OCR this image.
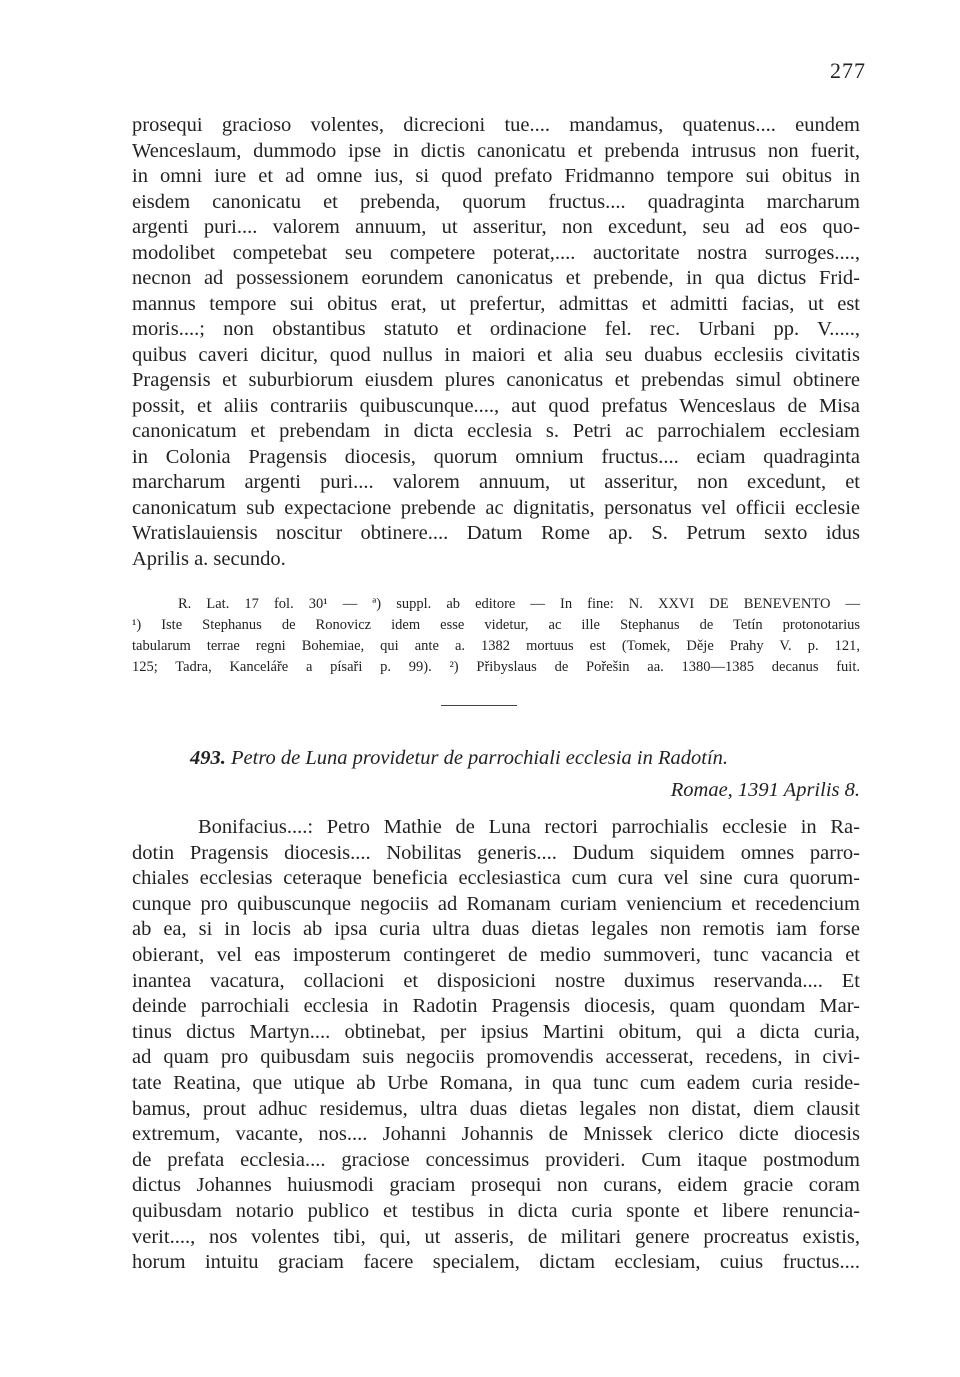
277
prosequi gracioso volentes, dicrecioni tue.... mandamus, quatenus.... eundem
Wenceslaum, dummodo ipse in dictis canonicatu et prebenda intrusus non fuerit,
in omni iure et ad omne ius, si quod prefato Fridmanno tempore sui obitus in
eisdem canonicatu et prebenda, quorum fructus.... quadraginta marcharum
argenti puri.... valorem annuum, ut asseritur, non excedunt, seu ad eos quo-
modolibet competebat seu competere poterat,.... auctoritate nostra surroges....,
necnon ad possessionem eorundem canonicatus et prebende, in qua dictus Frid-
mannus tempore sui obitus erat, ut prefertur, admittas et admitti facias, ut est
moris....; non obstantibus statuto et ordinacione fel. rec. Urbani pp. V.....,
quibus caveri dicitur, quod nullus in maiori et alia seu duabus ecclesiis civitatis
Pragensis et suburbiorum eiusdem plures canonicatus et prebendas simul obtinere
possit, et aliis contrariis quibuscunque...., aut quod prefatus Wenceslaus de Misa
canonicatum et prebendam in dicta ecclesia s. Petri ac parrochialem ecclesiam
in Colonia Pragensis diocesis, quorum omnium fructus.... eciam quadraginta
marcharum argenti puri.... valorem annuum, ut asseritur, non excedunt, et
canonicatum sub expectacione prebende ac dignitatis, personatus vel officii ecclesie
Wratislauiensis noscitur obtinere.... Datum Rome ap. S. Petrum sexto idus
Aprilis a. secundo.
R. Lat. 17 fol. 30¹ — ª) suppl. ab editore — In fine: N. XXVI DE BENEVENTO —
¹) Iste Stephanus de Ronovicz idem esse videtur, ac ille Stephanus de Tetín protonotarius
tabularum terrae regni Bohemiae, qui ante a. 1382 mortuus est (Tomek, Děje Prahy V. p. 121,
125; Tadra, Kanceláře a písaři p. 99). ²) Přibyslaus de Pořešin aa. 1380—1385 decanus fuit.
493. Petro de Luna providetur de parrochiali ecclesia in Radotín.
Romae, 1391 Aprilis 8.
Bonifacius....: Petro Mathie de Luna rectori parrochialis ecclesie in Ra-
dotin Pragensis diocesis.... Nobilitas generis.... Dudum siquidem omnes parro-
chiales ecclesias ceteraque beneficia ecclesiastica cum cura vel sine cura quorum-
cunque pro quibuscunque negociis ad Romanam curiam veniencium et recedencium
ab ea, si in locis ab ipsa curia ultra duas dietas legales non remotis iam forse
obierant, vel eas imposterum contingeret de medio summoveri, tunc vacancia et
inantea vacatura, collacioni et disposicioni nostre duximus reservanda.... Et
deinde parrochiali ecclesia in Radotin Pragensis diocesis, quam quondam Mar-
tinus dictus Martyn.... obtinebat, per ipsius Martini obitum, qui a dicta curia,
ad quam pro quibusdam suis negociis promovendis accesserat, recedens, in civi-
tate Reatina, que utique ab Urbe Romana, in qua tunc cum eadem curia reside-
bamus, prout adhuc residemus, ultra duas dietas legales non distat, diem clausit
extremum, vacante, nos.... Johanni Johannis de Mnissek clerico dicte diocesis
de prefata ecclesia.... graciose concessimus provideri. Cum itaque postmodum
dictus Johannes huiusmodi graciam prosequi non curans, eidem gracie coram
quibusdam notario publico et testibus in dicta curia sponte et libere renuncia-
verit...., nos volentes tibi, qui, ut asseris, de militari genere procreatus existis,
horum intuitu graciam facere specialem, dictam ecclesiam, cuius fructus....
